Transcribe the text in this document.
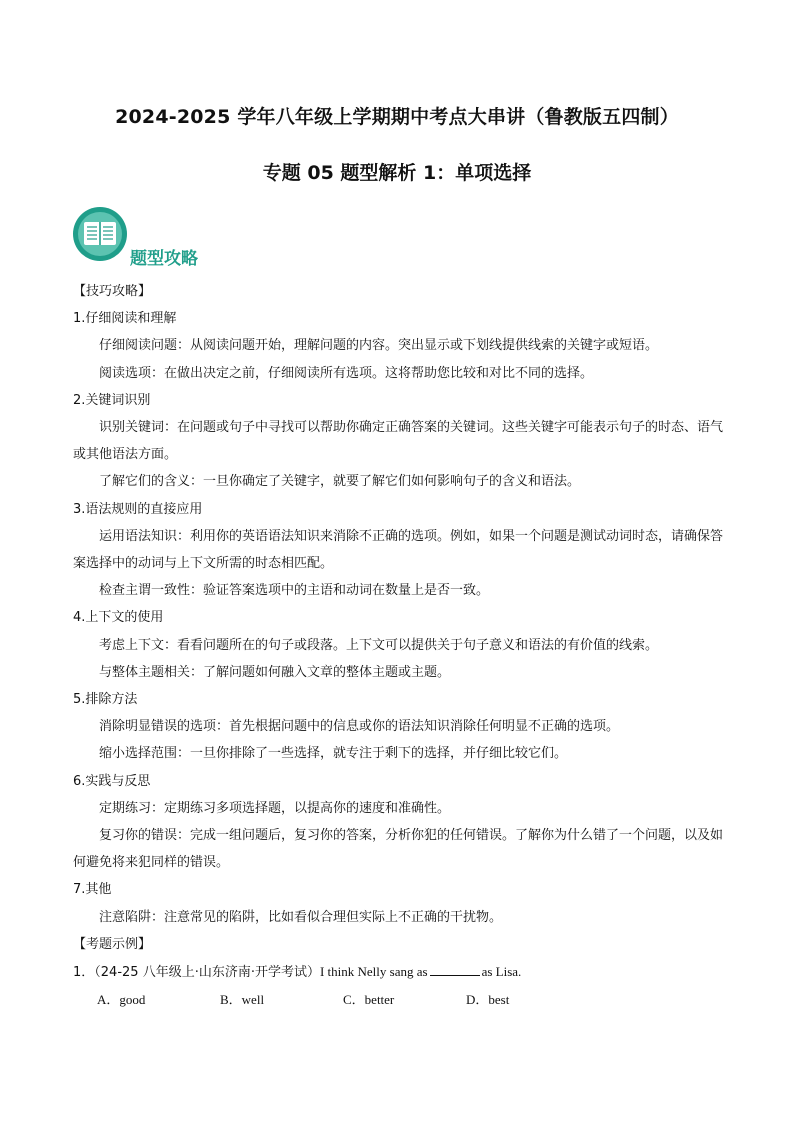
2024-2025 学年八年级上学期期中考点大串讲（鲁教版五四制）
专题 05 题型解析 1：单项选择
题型攻略

【技巧攻略】

1.仔细阅读和理解

仔细阅读问题：从阅读问题开始，理解问题的内容。突出显示或下划线提供线索的关键字或短语。

阅读选项：在做出决定之前，仔细阅读所有选项。这将帮助您比较和对比不同的选择。

2.关键词识别

识别关键词：在问题或句子中寻找可以帮助你确定正确答案的关键词。这些关键字可能表示句子的时态、语气或其他语法方面。

了解它们的含义：一旦你确定了关键字，就要了解它们如何影响句子的含义和语法。

3.语法规则的直接应用

运用语法知识：利用你的英语语法知识来消除不正确的选项。例如，如果一个问题是测试动词时态，请确保答案选择中的动词与上下文所需的时态相匹配。

检查主谓一致性：验证答案选项中的主语和动词在数量上是否一致。

4.上下文的使用

考虑上下文：看看问题所在的句子或段落。上下文可以提供关于句子意义和语法的有价值的线索。

与整体主题相关：了解问题如何融入文章的整体主题或主题。

5.排除方法

消除明显错误的选项：首先根据问题中的信息或你的语法知识消除任何明显不正确的选项。

缩小选择范围：一旦你排除了一些选择，就专注于剩下的选择，并仔细比较它们。

6.实践与反思

定期练习：定期练习多项选择题，以提高你的速度和准确性。

复习你的错误：完成一组问题后，复习你的答案，分析你犯的任何错误。了解你为什么错了一个问题，以及如何避免将来犯同样的错误。

7.其他

注意陷阱：注意常见的陷阱，比如看似合理但实际上不正确的干扰物。

【考题示例】

1．（24-25 八年级上·山东济南·开学考试）I think Nelly sang as	as Lisa.

A．good	B．well	C．better	D．best
